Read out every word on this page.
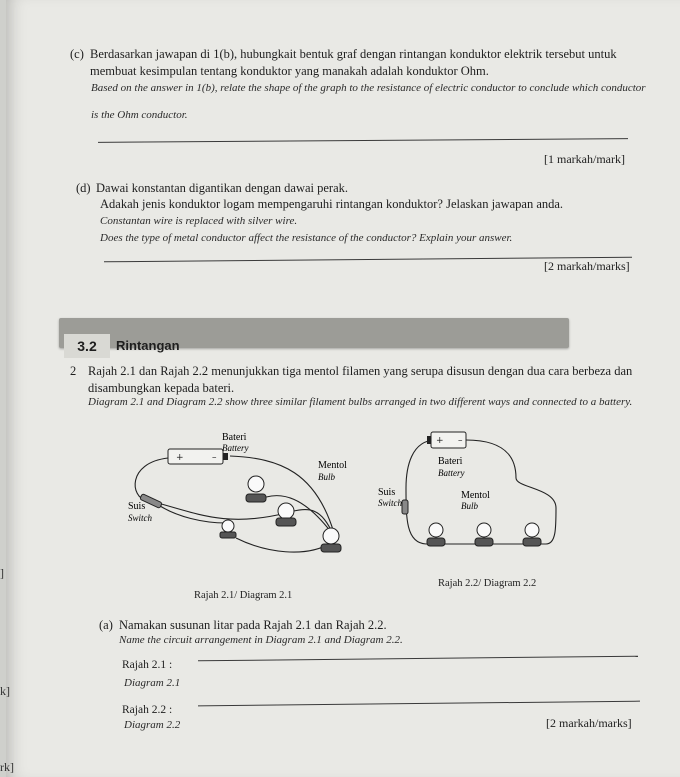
(c) Berdasarkan jawapan di 1(b), hubungkait bentuk graf dengan rintangan konduktor elektrik tersebut untuk
membuat kesimpulan tentang konduktor yang manakah adalah konduktor Ohm.
Based on the answer in 1(b), relate the shape of the graph to the resistance of electric conductor to conclude which conductor
is the Ohm conductor.
[1 markah/mark]
(d) Dawai konstantan digantikan dengan dawai perak.
Adakah jenis konduktor logam mempengaruhi rintangan konduktor? Jelaskan jawapan anda.
Constantan wire is replaced with silver wire.
Does the type of metal conductor affect the resistance of the conductor? Explain your answer.
[2 markah/marks]
3.2	Rintangan
2 Rajah 2.1 dan Rajah 2.2 menunjukkan tiga mentol filamen yang serupa disusun dengan dua cara berbeza dan
disambungkan kepada bateri.
Diagram 2.1 and Diagram 2.2 show three similar filament bulbs arranged in two different ways and connected to a battery.
+	–
+ –
Bateri
Battery
Mentol
Bulb
Suis
Switch
Bateri
Battery
Suis
Switch
Mentol
Bulb
Rajah 2.1/ Diagram 2.1
Rajah 2.2/ Diagram 2.2
(a) Namakan susunan litar pada Rajah 2.1 dan Rajah 2.2.
Name the circuit arrangement in Diagram 2.1 and Diagram 2.2.
Rajah 2.1 :
Diagram 2.1
Rajah 2.2 :
Diagram 2.2	[2 markah/marks]
]
k]
rk]
